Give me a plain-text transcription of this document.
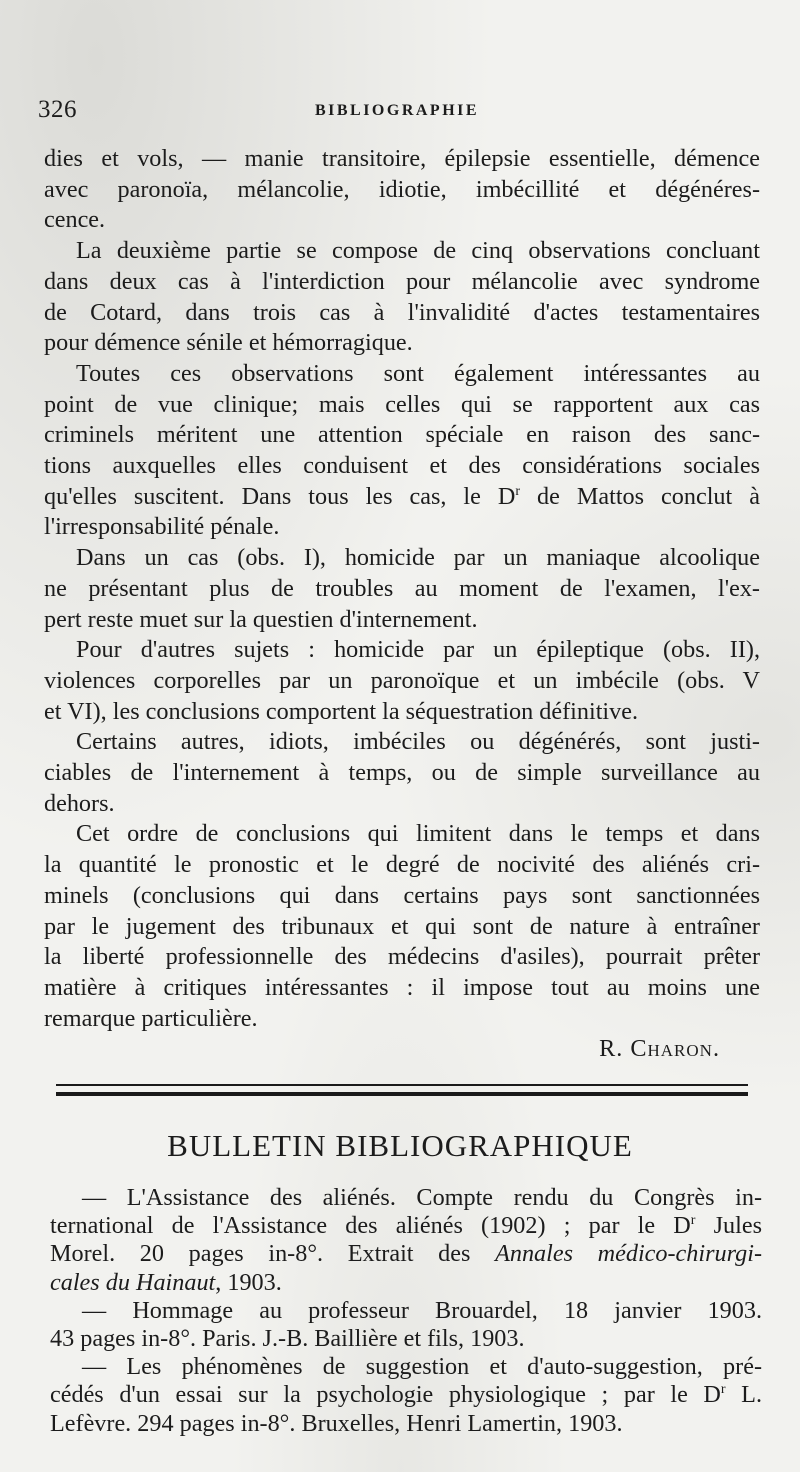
326	BIBLIOGRAPHIE
dies et vols, — manie transitoire, épilepsie essentielle, démence
avec paronoïa, mélancolie, idiotie, imbécillité et dégénéres-
cence.
La deuxième partie se compose de cinq observations concluant
dans deux cas à l'interdiction pour mélancolie avec syndrome
de Cotard, dans trois cas à l'invalidité d'actes testamentaires
pour démence sénile et hémorragique.
Toutes ces observations sont également intéressantes au
point de vue clinique; mais celles qui se rapportent aux cas
criminels méritent une attention spéciale en raison des sanc-
tions auxquelles elles conduisent et des considérations sociales
qu'elles suscitent. Dans tous les cas, le $D^r$ de Mattos conclut à
l'irresponsabilité pénale.
Dans un cas (obs. I), homicide par un maniaque alcoolique
ne présentant plus de troubles au moment de l'examen, l'ex-
pert reste muet sur la questien d'internement.
Pour d'autres sujets : homicide par un épileptique (obs. II),
violences corporelles par un paronoïque et un imbécile (obs. V
et VI), les conclusions comportent la séquestration définitive.
Certains autres, idiots, imbéciles ou dégénérés, sont justi-
ciables de l'internement à temps, ou de simple surveillance au
dehors.
Cet ordre de conclusions qui limitent dans le temps et dans
la quantité le pronostic et le degré de nocivité des aliénés cri-
minels (conclusions qui dans certains pays sont sanctionnées
par le jugement des tribunaux et qui sont de nature à entraîner
la liberté professionnelle des médecins d'asiles), pourrait prêter
matière à critiques intéressantes : il impose tout au moins une
remarque particulière.
R. Charon.
BULLETIN BIBLIOGRAPHIQUE
— L'Assistance des aliénés. Compte rendu du Congrès in-
ternational de l'Assistance des aliénés (1902) ; par le $D^r$ Jules
Morel. 20 pages in-8°. Extrait des Annales médico-chirurgi-
cales du Hainaut, 1903.
— Hommage au professeur Brouardel, 18 janvier 1903.
43 pages in-8°. Paris. J.-B. Baillière et fils, 1903.
— Les phénomènes de suggestion et d'auto-suggestion, pré-
cédés d'un essai sur la psychologie physiologique ; par le $D^r$ L.
Lefèvre. 294 pages in-8°. Bruxelles, Henri Lamertin, 1903.
